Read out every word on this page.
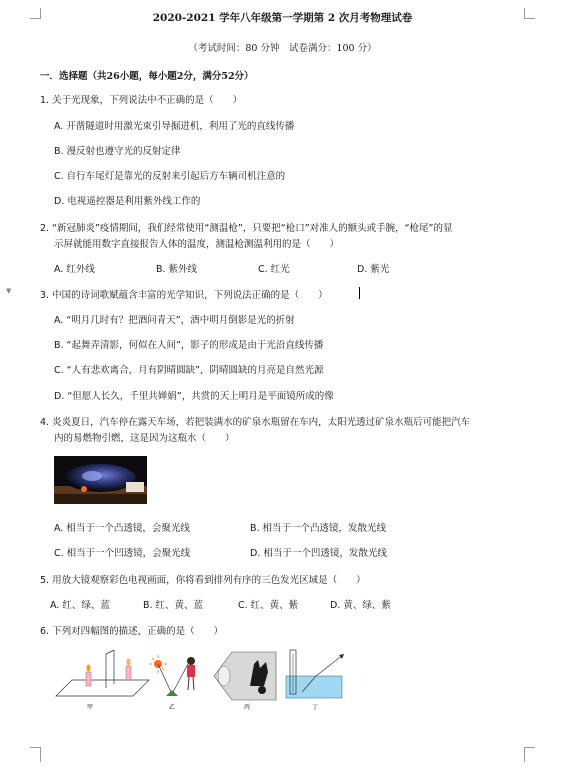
▼
2020-2021 学年八年级第一学期第 2 次月考物理试卷
（考试时间：80 分钟　试卷满分：100 分）
一．选择题（共26小题，每小题2分，满分52分）
1. 关于光现象，下列说法中不正确的是（　　）
A. 开凿隧道时用激光束引导掘进机，利用了光的直线传播
B. 漫反射也遵守光的反射定律
C. 自行车尾灯是靠光的反射来引起后方车辆司机注意的
D. 电视遥控器是利用紫外线工作的
2. “新冠肺炎”疫情期间，我们经常使用“测温枪”，只要把“枪口”对准人的额头或手腕，“枪尾”的显
示屏就能用数字直接报告人体的温度，测温枪测温利用的是（　　）
A. 红外线	B. 紫外线	C. 红光	D. 紫光
3. 中国的诗词歌赋蕴含丰富的光学知识，下列说法正确的是（　　）
A. “明月几时有？把酒问青天”，酒中明月倒影是光的折射
B. “起舞弄清影，何似在人间”，影子的形成是由于光沿直线传播
C. “人有悲欢离合，月有阴晴圆缺”，阴晴圆缺的月亮是自然光源
D. “但愿人长久，千里共婵娟”，共赏的天上明月是平面镜所成的像
4. 炎炎夏日，汽车停在露天车场，若把装满水的矿泉水瓶留在车内，太阳光透过矿泉水瓶后可能把汽车
内的易燃物引燃，这是因为这瓶水（　　）
A. 相当于一个凸透镜，会聚光线	B. 相当于一个凸透镜，发散光线
C. 相当于一个凹透镜，会聚光线	D. 相当于一个凹透镜，发散光线
5. 用放大镜观察彩色电视画面，你将看到排列有序的三色发光区域是（　　）
A. 红、绿、蓝	B. 红、黄、蓝	C. 红、黄、紫	D. 黄、绿、紫
6. 下列对四幅图的描述，正确的是（　　）
甲	乙	丙	丁
